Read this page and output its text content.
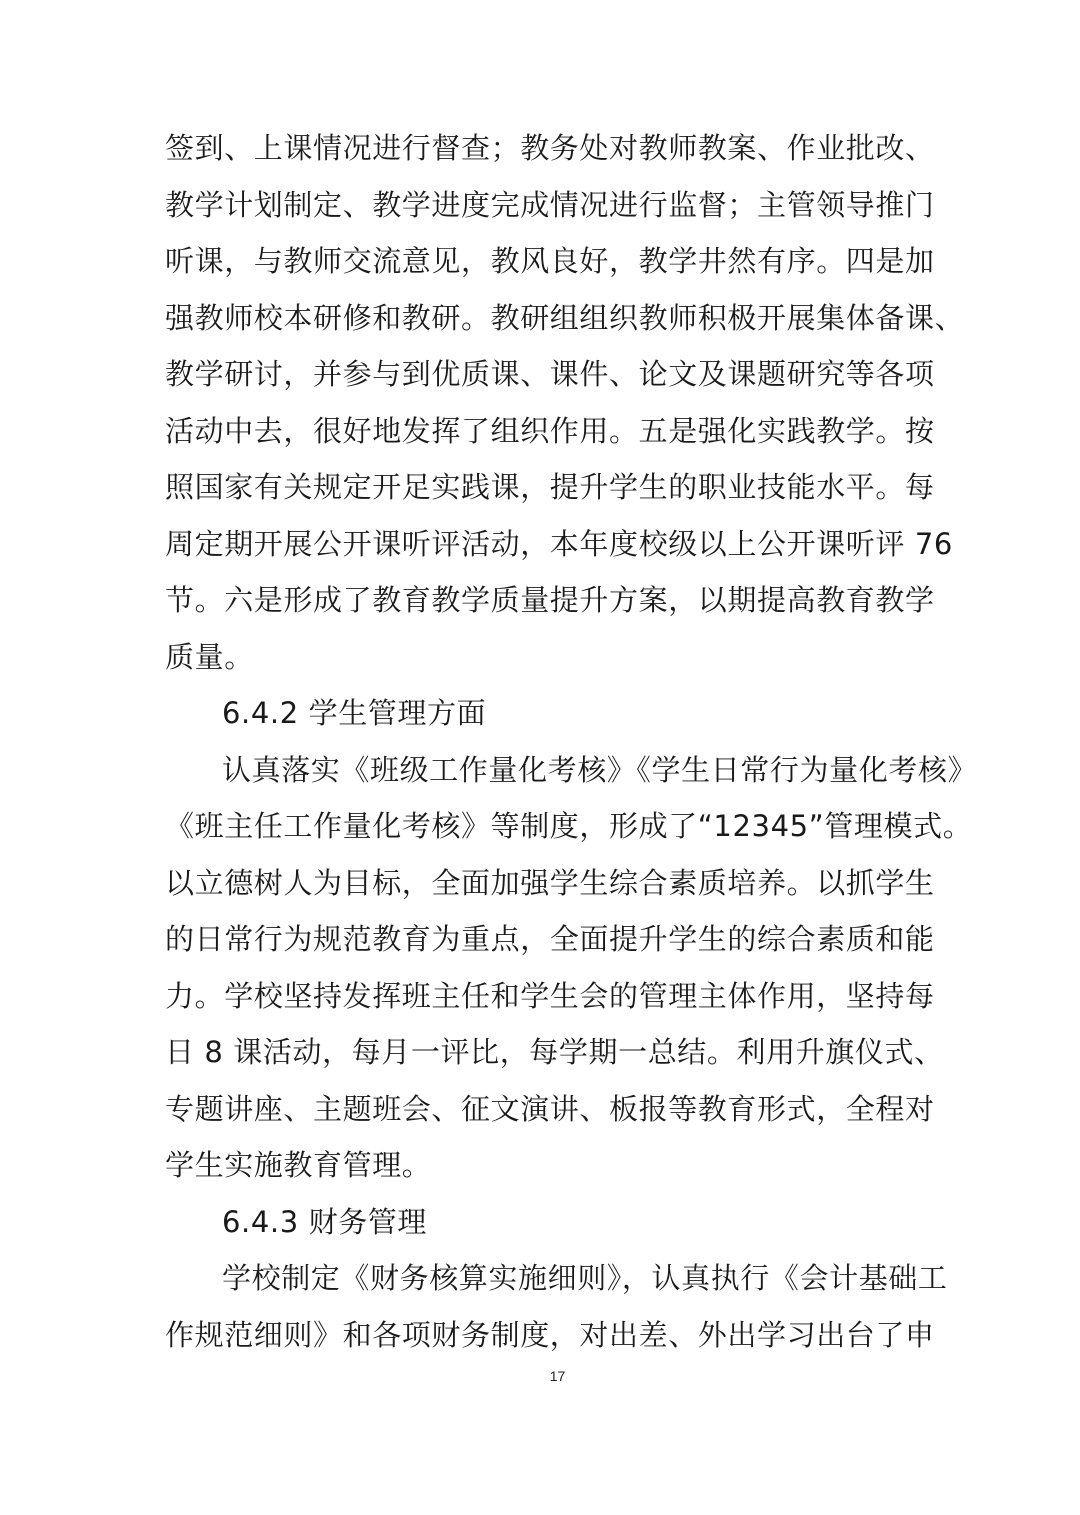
签到、上课情况进行督查；教务处对教师教案、作业批改、
教学计划制定、教学进度完成情况进行监督；主管领导推门
听课，与教师交流意见，教风良好，教学井然有序。四是加
强教师校本研修和教研。教研组组织教师积极开展集体备课、
教学研讨，并参与到优质课、课件、论文及课题研究等各项
活动中去，很好地发挥了组织作用。五是强化实践教学。按
照国家有关规定开足实践课，提升学生的职业技能水平。每
周定期开展公开课听评活动，本年度校级以上公开课听评 76
节。六是形成了教育教学质量提升方案，以期提高教育教学
质量。
6.4.2 学生管理方面
认真落实《班级工作量化考核》《学生日常行为量化考核》
《班主任工作量化考核》等制度，形成了“12345”管理模式。
以立德树人为目标，全面加强学生综合素质培养。以抓学生
的日常行为规范教育为重点，全面提升学生的综合素质和能
力。学校坚持发挥班主任和学生会的管理主体作用，坚持每
日 8 课活动，每月一评比，每学期一总结。利用升旗仪式、
专题讲座、主题班会、征文演讲、板报等教育形式，全程对
学生实施教育管理。
6.4.3 财务管理
学校制定《财务核算实施细则》，认真执行《会计基础工
作规范细则》和各项财务制度，对出差、外出学习出台了申
17
